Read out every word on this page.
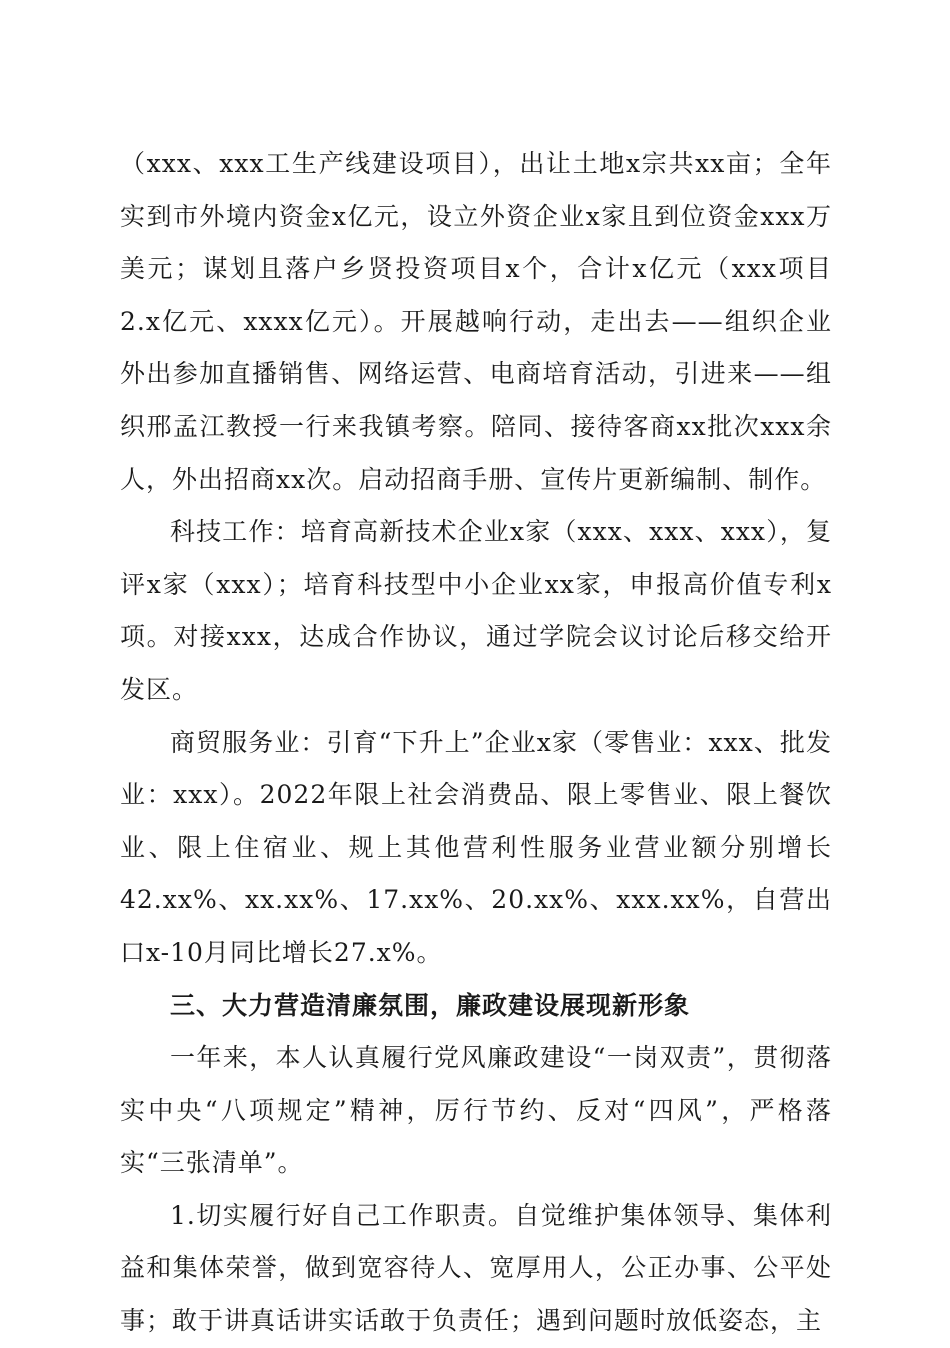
（xxx、xxx工生产线建设项目），出让土地x宗共xx亩；全年实到市外境内资金x亿元，设立外资企业x家且到位资金xxx万美元；谋划且落户乡贤投资项目x个，合计x亿元（xxx项目2.x亿元、xxxx亿元）。开展越响行动，走出去——组织企业外出参加直播销售、网络运营、电商培育活动，引进来——组织邢孟江教授一行来我镇考察。陪同、接待客商xx批次xxx余人，外出招商xx次。启动招商手册、宣传片更新编制、制作。

科技工作：培育高新技术企业x家（xxx、xxx、xxx），复评x家（xxx）；培育科技型中小企业xx家，申报高价值专利x项。对接xxx，达成合作协议，通过学院会议讨论后移交给开发区。

商贸服务业：引育“下升上”企业x家（零售业：xxx、批发业：xxx）。2022年限上社会消费品、限上零售业、限上餐饮业、限上住宿业、规上其他营利性服务业营业额分别增长42.xx%、xx.xx%、17.xx%、20.xx%、xxx.xx%，自营出口x-10月同比增长27.x%。

三、大力营造清廉氛围，廉政建设展现新形象

一年来，本人认真履行党风廉政建设“一岗双责”，贯彻落实中央“八项规定”精神，厉行节约、反对“四风”，严格落实“三张清单”。

1.切实履行好自己工作职责。自觉维护集体领导、集体利益和集体荣誉，做到宽容待人、宽厚用人，公正办事、公平处事；敢于讲真话讲实话敢于负责任；遇到问题时放低姿态，主
